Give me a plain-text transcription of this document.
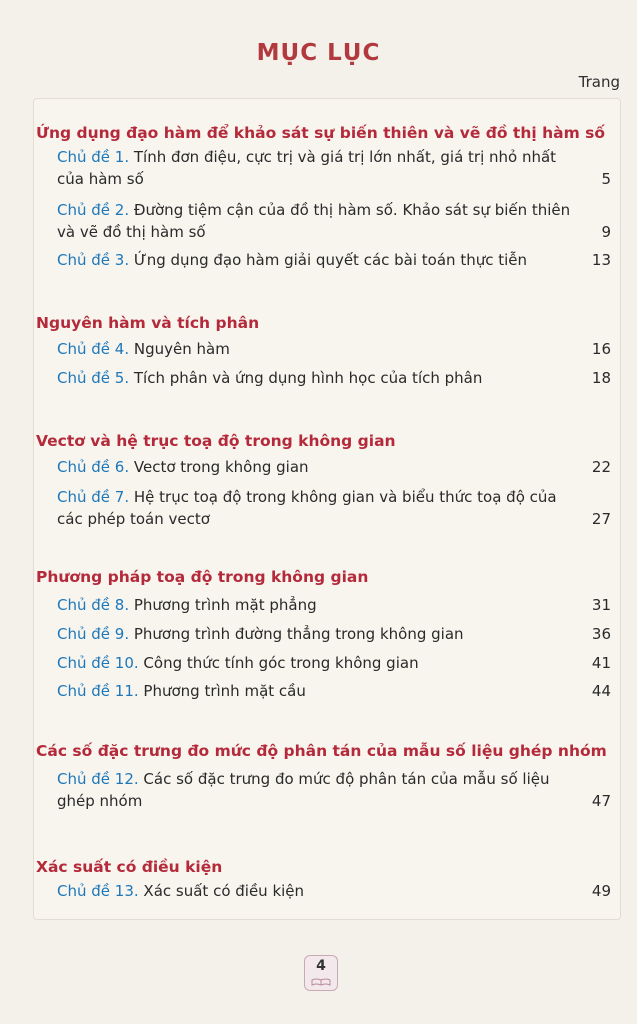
MỤC LỤC
Trang
Ứng dụng đạo hàm để khảo sát sự biến thiên và vẽ đồ thị hàm số
Chủ đề 1. Tính đơn điệu, cực trị và giá trị lớn nhất, giá trị nhỏ nhất của hàm số	5
Chủ đề 2. Đường tiệm cận của đồ thị hàm số. Khảo sát sự biến thiên và vẽ đồ thị hàm số	9
Chủ đề 3. Ứng dụng đạo hàm giải quyết các bài toán thực tiễn	13
Nguyên hàm và tích phân
Chủ đề 4. Nguyên hàm	16
Chủ đề 5. Tích phân và ứng dụng hình học của tích phân	18
Vectơ và hệ trục toạ độ trong không gian
Chủ đề 6. Vectơ trong không gian	22
Chủ đề 7. Hệ trục toạ độ trong không gian và biểu thức toạ độ của các phép toán vectơ	27
Phương pháp toạ độ trong không gian
Chủ đề 8. Phương trình mặt phẳng	31
Chủ đề 9. Phương trình đường thẳng trong không gian	36
Chủ đề 10. Công thức tính góc trong không gian	41
Chủ đề 11. Phương trình mặt cầu	44
Các số đặc trưng đo mức độ phân tán của mẫu số liệu ghép nhóm
Chủ đề 12. Các số đặc trưng đo mức độ phân tán của mẫu số liệu ghép nhóm	47
Xác suất có điều kiện
Chủ đề 13. Xác suất có điều kiện	49
4
